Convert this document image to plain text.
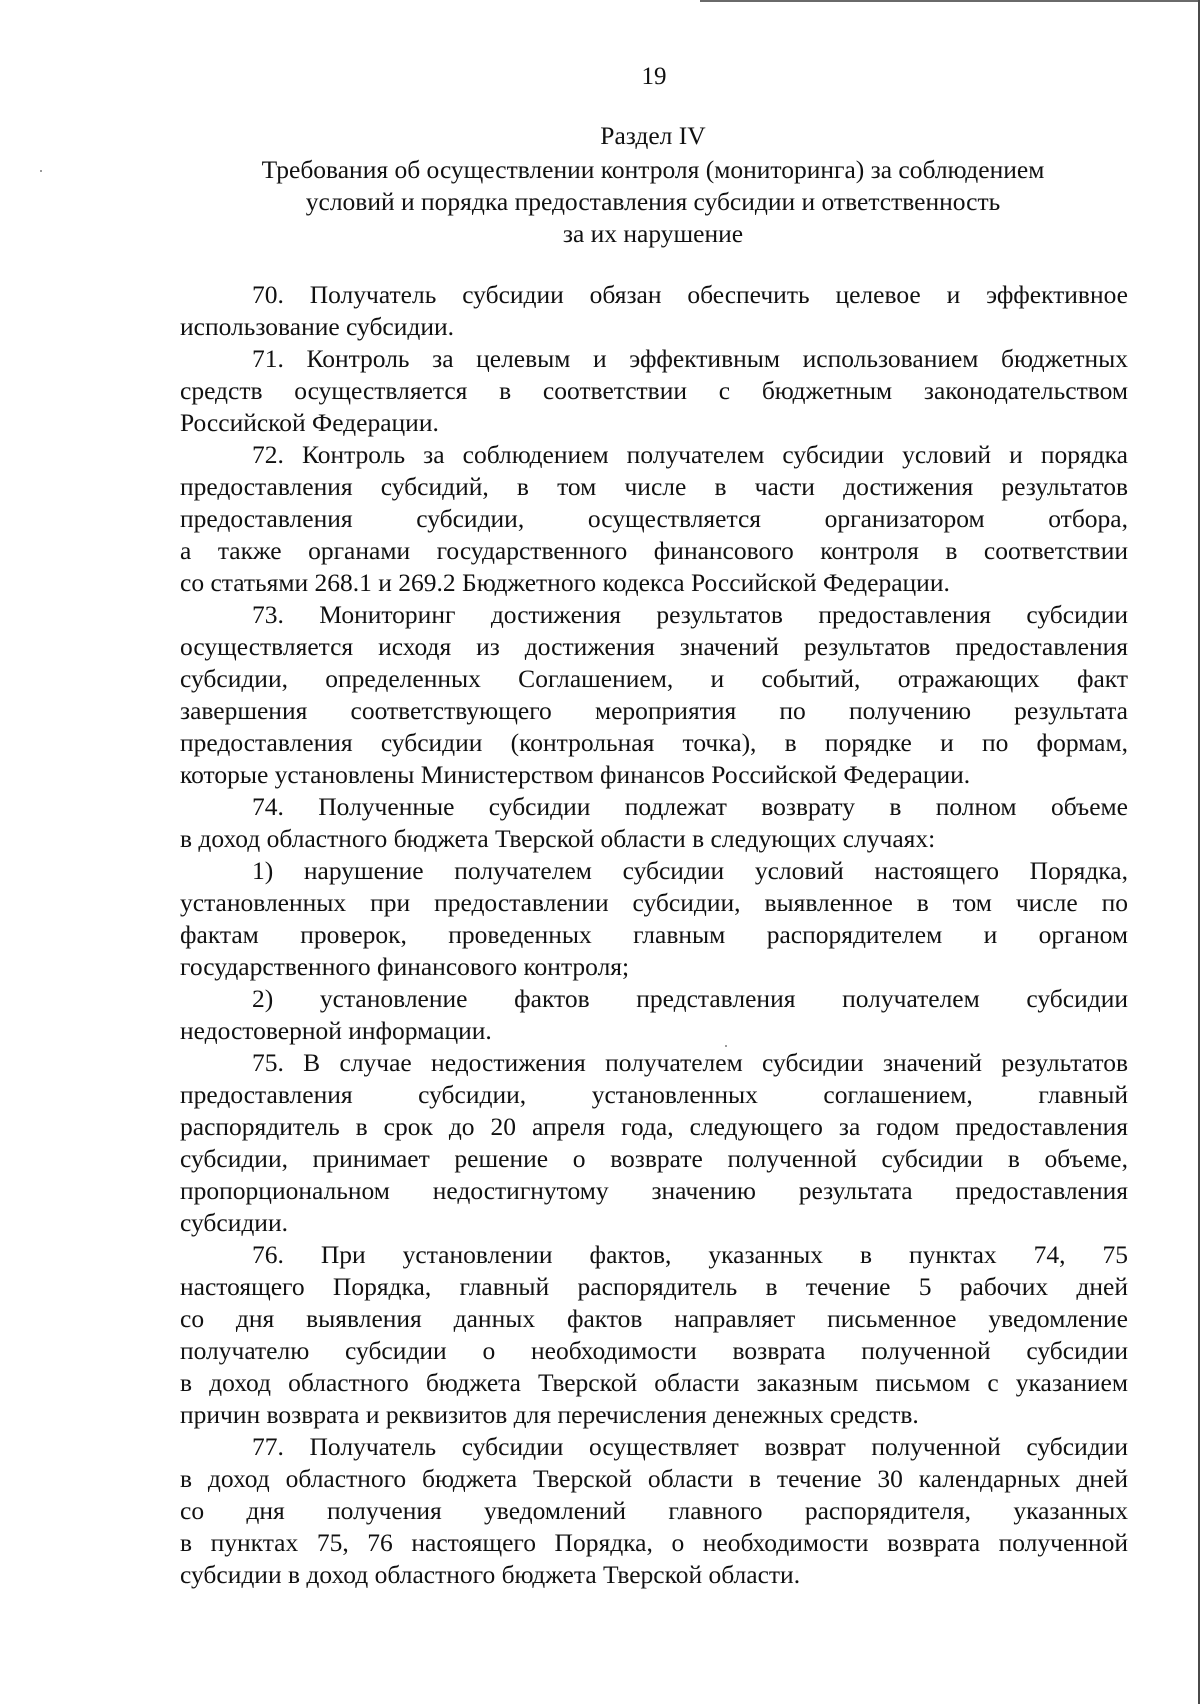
19
Раздел IV
Требования об осуществлении контроля (мониторинга) за соблюдением
условий и порядка предоставления субсидии и ответственность
за их нарушение

70. Получатель субсидии обязан обеспечить целевое и эффективное
использование субсидии.

71. Контроль за целевым и эффективным использованием бюджетных
средств осуществляется в соответствии с бюджетным законодательством
Российской Федерации.

72. Контроль за соблюдением получателем субсидии условий и порядка
предоставления субсидий, в том числе в части достижения результатов
предоставления субсидии, осуществляется организатором отбора,
а также органами государственного финансового контроля в соответствии
со статьями 268.1 и 269.2 Бюджетного кодекса Российской Федерации.

73. Мониторинг достижения результатов предоставления субсидии
осуществляется исходя из достижения значений результатов предоставления
субсидии, определенных Соглашением, и событий, отражающих факт
завершения соответствующего мероприятия по получению результата
предоставления субсидии (контрольная точка), в порядке и по формам,
которые установлены Министерством финансов Российской Федерации.

74. Полученные субсидии подлежат возврату в полном объеме
в доход областного бюджета Тверской области в следующих случаях:

1) нарушение получателем субсидии условий настоящего Порядка,
установленных при предоставлении субсидии, выявленное в том числе по
фактам проверок, проведенных главным распорядителем и органом
государственного финансового контроля;

2) установление фактов представления получателем субсидии
недостоверной информации.

75. В случае недостижения получателем субсидии значений результатов
предоставления субсидии, установленных соглашением, главный
распорядитель в срок до 20 апреля года, следующего за годом предоставления
субсидии, принимает решение о возврате полученной субсидии в объеме,
пропорциональном недостигнутому значению результата предоставления
субсидии.

76. При установлении фактов, указанных в пунктах 74, 75
настоящего Порядка, главный распорядитель в течение 5 рабочих дней
со дня выявления данных фактов направляет письменное уведомление
получателю субсидии о необходимости возврата полученной субсидии
в доход областного бюджета Тверской области заказным письмом с указанием
причин возврата и реквизитов для перечисления денежных средств.

77. Получатель субсидии осуществляет возврат полученной субсидии
в доход областного бюджета Тверской области в течение 30 календарных дней
со дня получения уведомлений главного распорядителя, указанных
в пунктах 75, 76 настоящего Порядка, о необходимости возврата полученной
субсидии в доход областного бюджета Тверской области.
